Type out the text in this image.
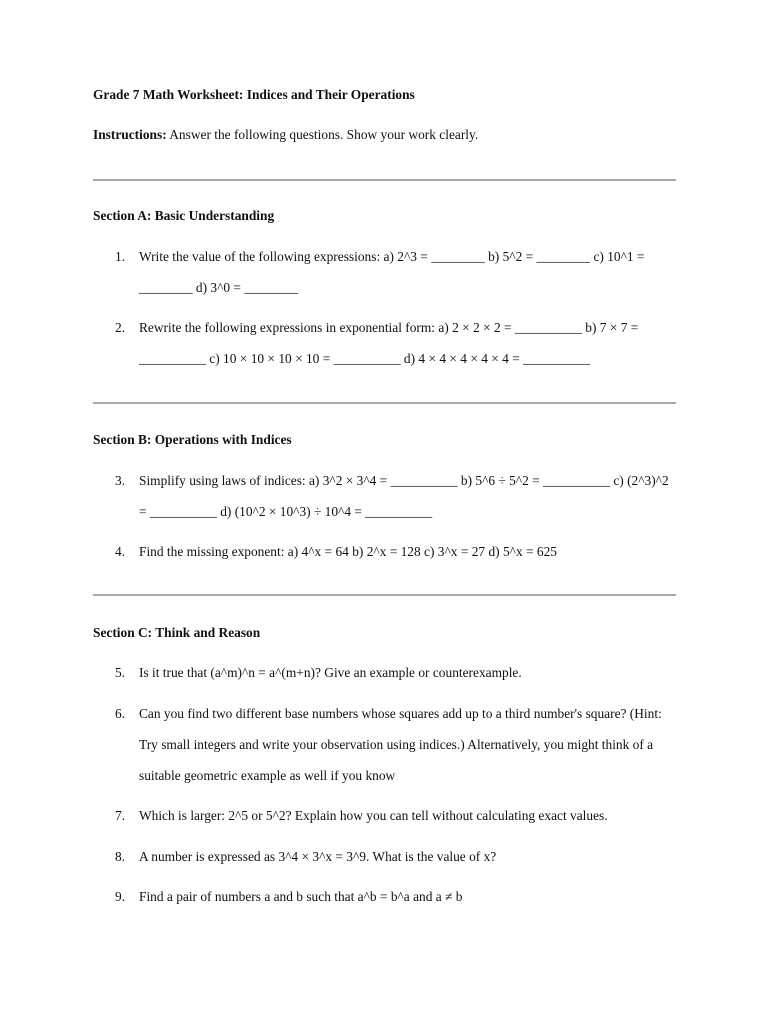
Grade 7 Math Worksheet: Indices and Their Operations
Instructions: Answer the following questions. Show your work clearly.
Section A: Basic Understanding
1. Write the value of the following expressions: a) 2^3 = ________ b) 5^2 = ________ c) 10^1 = ________ d) 3^0 = ________
2. Rewrite the following expressions in exponential form: a) 2 × 2 × 2 = __________ b) 7 × 7 = __________ c) 10 × 10 × 10 × 10 = __________ d) 4 × 4 × 4 × 4 × 4 = __________
Section B: Operations with Indices
3. Simplify using laws of indices: a) 3^2 × 3^4 = __________ b) 5^6 ÷ 5^2 = __________ c) (2^3)^2 = __________ d) (10^2 × 10^3) ÷ 10^4 = __________
4. Find the missing exponent: a) 4^x = 64 b) 2^x = 128 c) 3^x = 27 d) 5^x = 625
Section C: Think and Reason
5. Is it true that (a^m)^n = a^(m+n)? Give an example or counterexample.
6. Can you find two different base numbers whose squares add up to a third number's square? (Hint: Try small integers and write your observation using indices.) Alternatively, you might think of a suitable geometric example as well if you know
7. Which is larger: 2^5 or 5^2? Explain how you can tell without calculating exact values.
8. A number is expressed as 3^4 × 3^x = 3^9. What is the value of x?
9. Find a pair of numbers a and b such that a^b = b^a and a ≠ b
